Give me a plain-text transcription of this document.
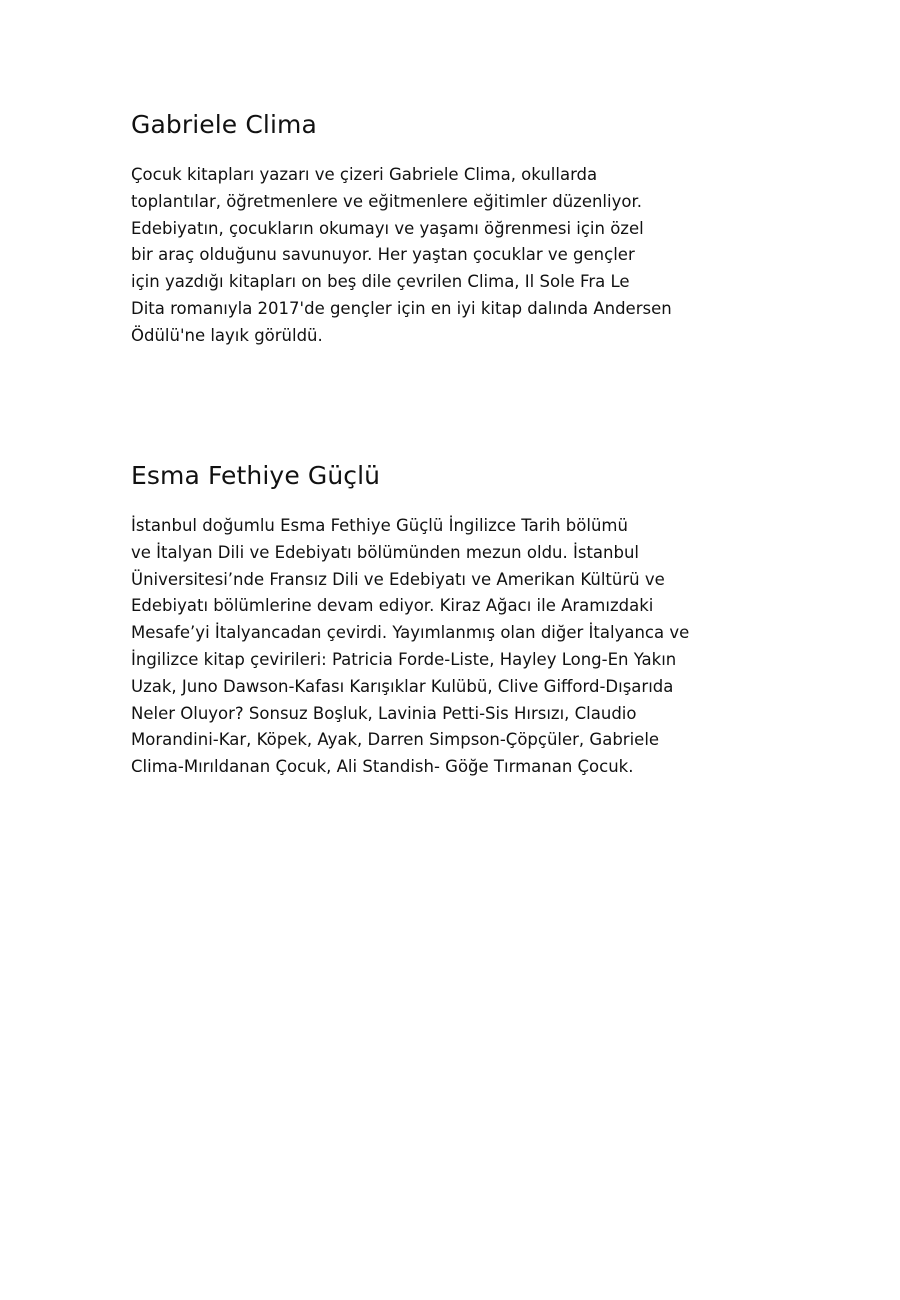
Gabriele Clima

Çocuk kitapları yazarı ve çizeri Gabriele Clima, okullarda
toplantılar, öğretmenlere ve eğitmenlere eğitimler düzenliyor.
Edebiyatın, çocukların okumayı ve yaşamı öğrenmesi için özel
bir araç olduğunu savunuyor. Her yaştan çocuklar ve gençler
için yazdığı kitapları on beş dile çevrilen Clima, Il Sole Fra Le
Dita romanıyla 2017'de gençler için en iyi kitap dalında Andersen
Ödülü'ne layık görüldü.

Esma Fethiye Güçlü

İstanbul doğumlu Esma Fethiye Güçlü İngilizce Tarih bölümü
ve İtalyan Dili ve Edebiyatı bölümünden mezun oldu. İstanbul
Üniversitesi’nde Fransız Dili ve Edebiyatı ve Amerikan Kültürü ve
Edebiyatı bölümlerine devam ediyor. Kiraz Ağacı ile Aramızdaki
Mesafe’yi İtalyancadan çevirdi. Yayımlanmış olan diğer İtalyanca ve
İngilizce kitap çevirileri: Patricia Forde-Liste, Hayley Long-En Yakın
Uzak, Juno Dawson-Kafası Karışıklar Kulübü, Clive Gifford-Dışarıda
Neler Oluyor? Sonsuz Boşluk, Lavinia Petti-Sis Hırsızı, Claudio
Morandini-Kar, Köpek, Ayak, Darren Simpson-Çöpçüler, Gabriele
Clima-Mırıldanan Çocuk, Ali Standish- Göğe Tırmanan Çocuk.
